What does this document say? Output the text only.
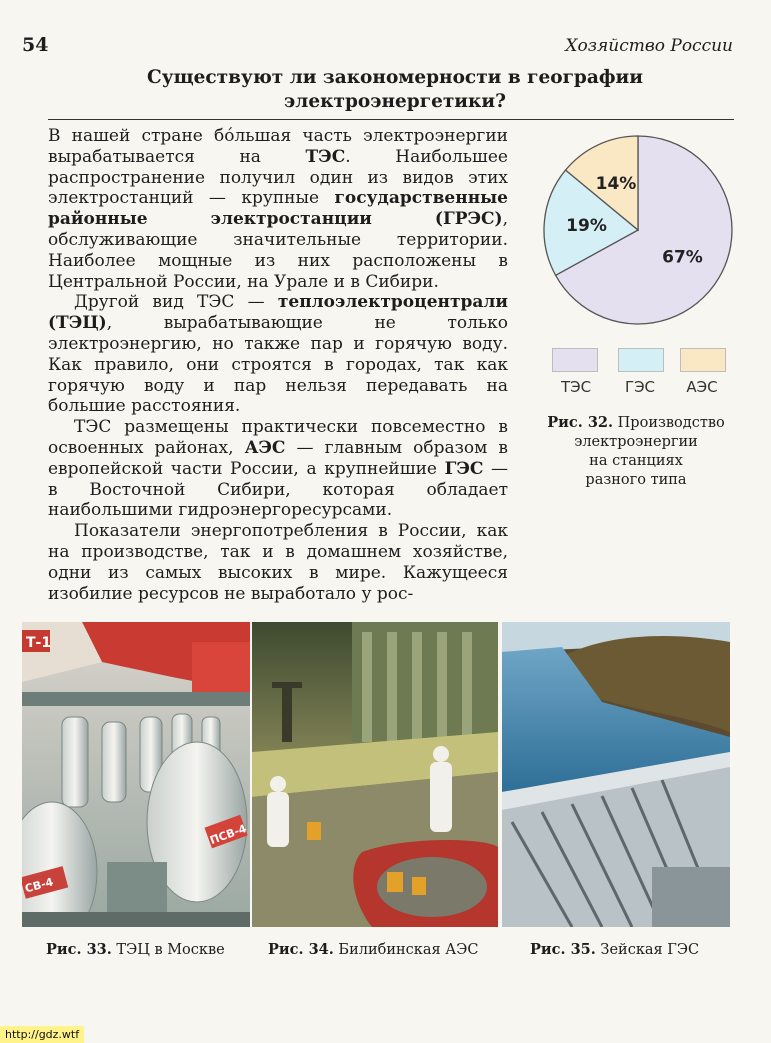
54	Хозяйство России
Существуют ли закономерности в географии
электроэнергетики?

В нашей стране бóльшая часть электроэнергии вырабатывается на ТЭС. Наибольшее распространение получил один из видов этих электростанций — крупные государственные районные электростанции (ГРЭС), обслуживающие значительные территории. Наиболее мощные из них расположены в Центральной России, на Урале и в Сибири.

Другой вид ТЭС — теплоэлектроцентрали (ТЭЦ), вырабатывающие не только электроэнергию, но также пар и горячую воду. Как правило, они строятся в городах, так как горячую воду и пар нельзя передавать на большие расстояния.

ТЭС размещены практически повсеместно в освоенных районах, АЭС — главным образом в европейской части России, а крупнейшие ГЭС — в Восточной Сибири, которая обладает наибольшими гидроэнергоресурсами.

Показатели энергопотребления в России, как на производстве, так и в домашнем хозяйстве, одни из самых высоких в мире. Кажущееся изобилие ресурсов не выработало у рос-

67%
19%
14%
ТЭС	ГЭС	АЭС
Рис. 32. Производство
электроэнергии
на станциях
разного типа
Т-1
ПСВ-4
СВ-4
Рис. 33. ТЭЦ в Москве	Рис. 34. Билибинская АЭС	Рис. 35. Зейская ГЭС
http://gdz.wtf
